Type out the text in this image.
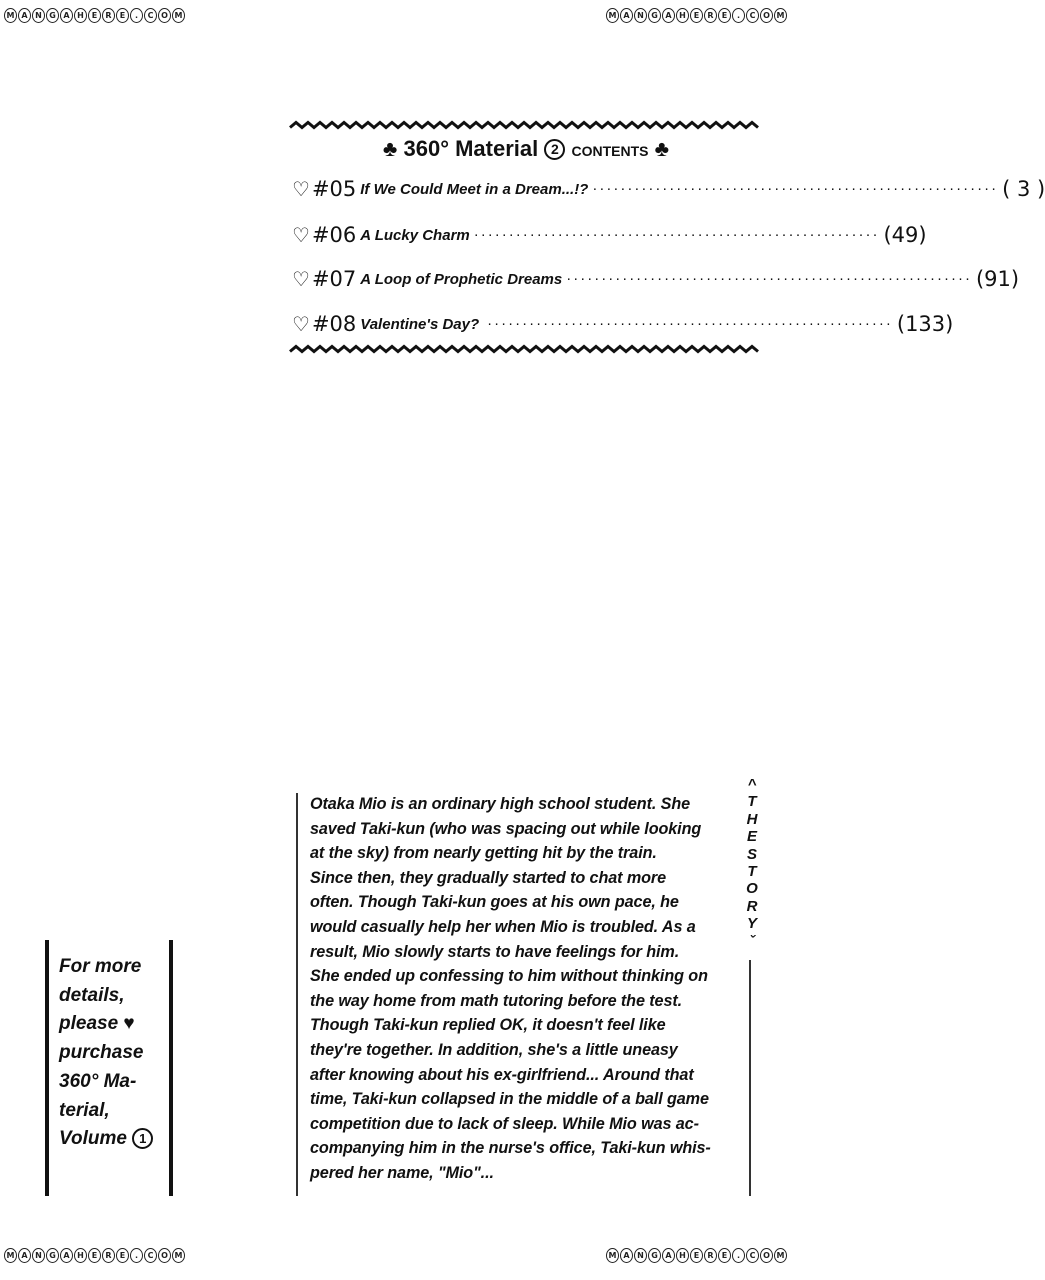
M A N G A H E	R	E	.	C O M	M A N G A H E	R	E	.	C O M
M A N G A H E	R	E	.	C O M	M A N G A H E	R	E	.	C O M
♣ 360° Material 2 CONTENTS ♣
♡ #05 If We Could Meet in a Dream...!? ·························································· ( 3 )
♡ #06 A Lucky Charm ·························································· (49)
♡ #07 A Loop of Prophetic Dreams ·························································· (91)
♡ #08 Valentine's Day? ·························································· (133)
For more
details,
please ♥
purchase
360° Ma-
terial,
Volume 1
Otaka Mio is an ordinary high school student. She
saved Taki-kun (who was spacing out while looking
at the sky) from nearly getting hit by the train.
Since then, they gradually started to chat more
often. Though Taki-kun goes at his own pace, he
would casually help her when Mio is troubled. As a
result, Mio slowly starts to have feelings for him.
She ended up confessing to him without thinking on
the way home from math tutoring before the test.
Though Taki-kun replied OK, it doesn't feel like
they're together. In addition, she's a little uneasy
after knowing about his ex-girlfriend... Around that
time, Taki-kun collapsed in the middle of a ball game
competition due to lack of sleep. While Mio was ac-
companying him in the nurse's office, Taki-kun whis-
pered her name, "Mio"...
^
T
H
E
S
T
O
R
Y
ˇ
